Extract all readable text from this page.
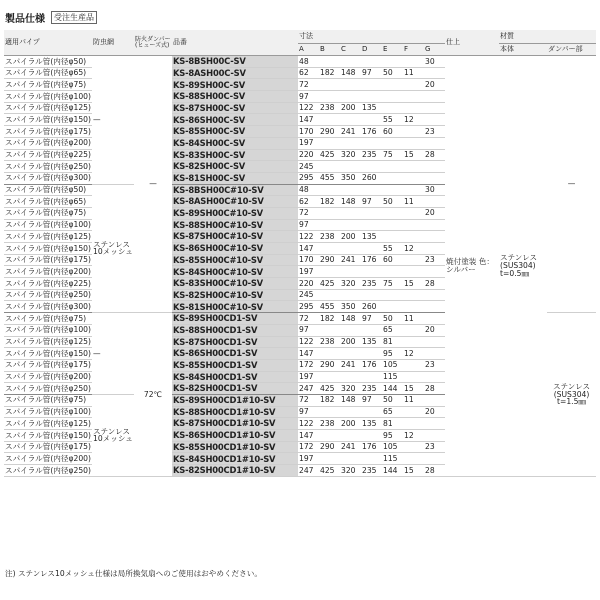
製品仕様	受注生産品
適用パイプ	防虫網	防火ダンパー(ヒューズ式)	品番	寸法							仕上	材質	
				A	B	C	D	E	F	G		本体	ダンパー部
スパイラル管(内径φ50)	—	—	KS-8BSH00C-SV	48						30	焼付塗装 色：シルバー	ステンレス (SUS304) t=0.5㎜	—
スパイラル管(内径φ65)			KS-8ASH00C-SV	62	182	148	97	50	11				
スパイラル管(内径φ75)			KS-89SH00C-SV	72						20			
スパイラル管(内径φ100)			KS-88SH00C-SV	97									
スパイラル管(内径φ125)			KS-87SH00C-SV	122	238	200	135						
スパイラル管(内径φ150)			KS-86SH00C-SV	147				55	12				
スパイラル管(内径φ175)			KS-85SH00C-SV	170	290	241	176	60		23			
スパイラル管(内径φ200)			KS-84SH00C-SV	197									
スパイラル管(内径φ225)			KS-83SH00C-SV	220	425	320	235	75	15	28			
スパイラル管(内径φ250)			KS-82SH00C-SV	245									
スパイラル管(内径φ300)			KS-81SH00C-SV	295	455	350	260						
スパイラル管(内径φ50)	ステンレス 10メッシュ		KS-8BSH00C#10-SV	48						30			
スパイラル管(内径φ65)			KS-8ASH00C#10-SV	62	182	148	97	50	11				
スパイラル管(内径φ75)			KS-89SH00C#10-SV	72						20			
スパイラル管(内径φ100)			KS-88SH00C#10-SV	97									
スパイラル管(内径φ125)			KS-87SH00C#10-SV	122	238	200	135						
スパイラル管(内径φ150)			KS-86SH00C#10-SV	147				55	12				
スパイラル管(内径φ175)			KS-85SH00C#10-SV	170	290	241	176	60		23			
スパイラル管(内径φ200)			KS-84SH00C#10-SV	197									
スパイラル管(内径φ225)			KS-83SH00C#10-SV	220	425	320	235	75	15	28			
スパイラル管(内径φ250)			KS-82SH00C#10-SV	245									
スパイラル管(内径φ300)			KS-81SH00C#10-SV	295	455	350	260						
スパイラル管(内径φ75)	—	72℃	KS-89SH00CD1-SV	72	182	148	97	50	11				ステンレス (SUS304) t=1.5㎜
スパイラル管(内径φ100)			KS-88SH00CD1-SV	97				65		20			
スパイラル管(内径φ125)			KS-87SH00CD1-SV	122	238	200	135	81					
スパイラル管(内径φ150)			KS-86SH00CD1-SV	147				95	12				
スパイラル管(内径φ175)			KS-85SH00CD1-SV	172	290	241	176	105		23			
スパイラル管(内径φ200)			KS-84SH00CD1-SV	197				115					
スパイラル管(内径φ250)			KS-82SH00CD1-SV	247	425	320	235	144	15	28			
スパイラル管(内径φ75)	ステンレス 10メッシュ		KS-89SH00CD1#10-SV	72	182	148	97	50	11				
スパイラル管(内径φ100)			KS-88SH00CD1#10-SV	97				65		20			
スパイラル管(内径φ125)			KS-87SH00CD1#10-SV	122	238	200	135	81					
スパイラル管(内径φ150)			KS-86SH00CD1#10-SV	147				95	12				
スパイラル管(内径φ175)			KS-85SH00CD1#10-SV	172	290	241	176	105		23			
スパイラル管(内径φ200)			KS-84SH00CD1#10-SV	197				115					
スパイラル管(内径φ250)			KS-82SH00CD1#10-SV	247	425	320	235	144	15	28			
注) ステンレス10メッシュ仕様は局所換気扇へのご使用はおやめください。
